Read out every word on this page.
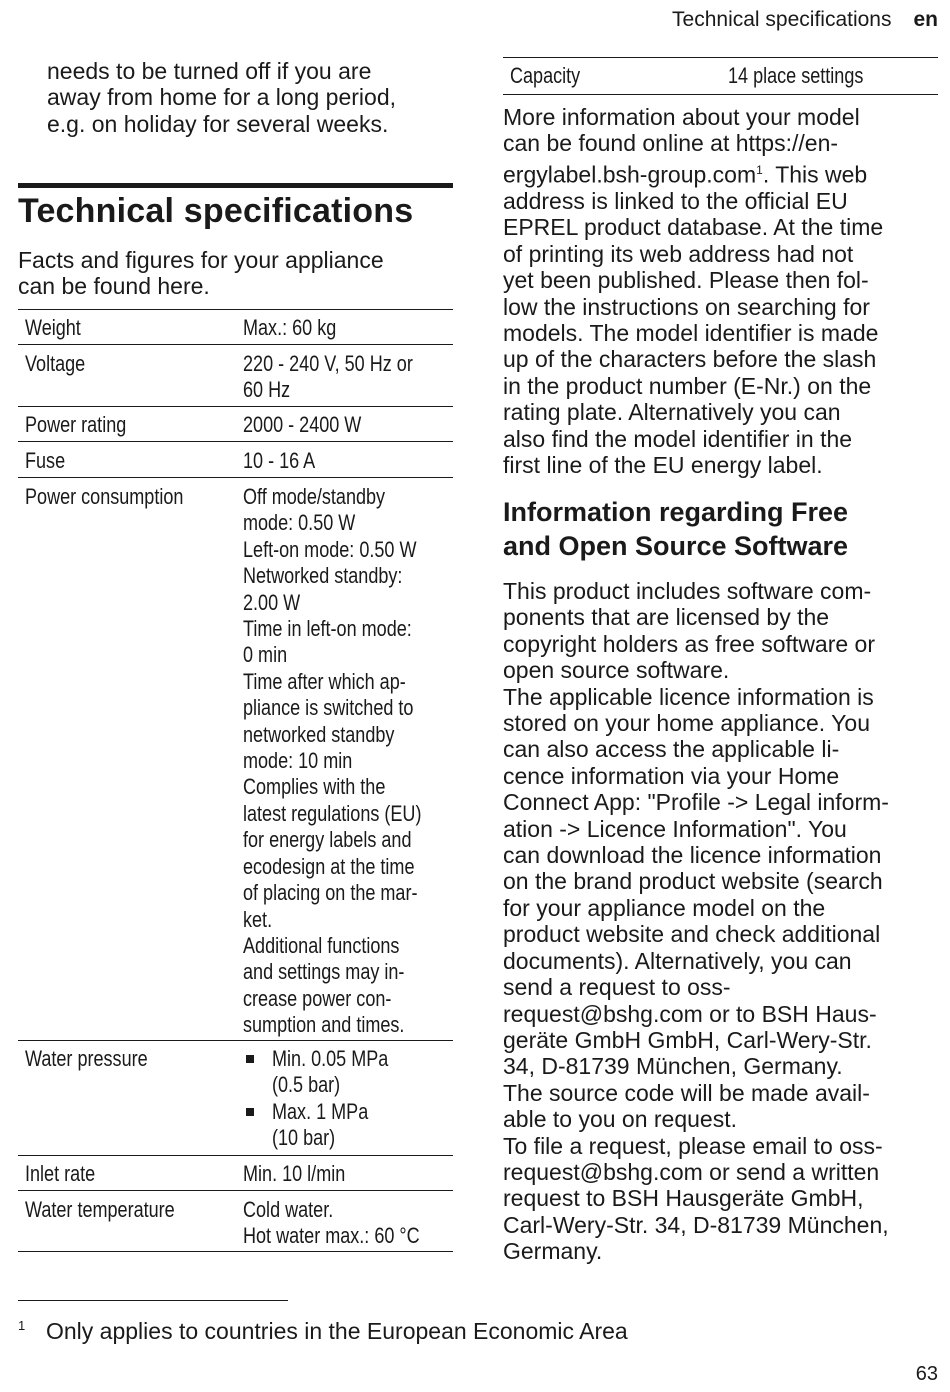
Technical specifications en
needs to be turned off if you are
away from home for a long period,
e.g. on holiday for several weeks.
Technical specifications
Facts and figures for your appliance
can be found here.
Weight	Max.: 60 kg
Voltage	220 - 240 V, 50 Hz or
60 Hz
Power rating	2000 - 2400 W
Fuse	10 - 16 A
Power consumption	Off mode/standby
mode: 0.50 W
Left-on mode: 0.50 W
Networked standby:
2.00 W
Time in left-on mode:
0 min
Time after which ap-
pliance is switched to
networked standby
mode: 10 min
Complies with the
latest regulations (EU)
for energy labels and
ecodesign at the time
of placing on the mar-
ket.
Additional functions
and settings may in-
crease power con-
sumption and times.
Water pressure	Min. 0.05 MPa
(0.5 bar)
Max. 1 MPa
(10 bar)
Inlet rate	Min. 10 l/min
Water temperature	Cold water.
Hot water max.: 60 °C
Capacity	14 place settings
More information about your model
can be found online at https://en-
ergylabel.bsh-group.com$^1$. This web
address is linked to the official EU
EPREL product database. At the time
of printing its web address had not
yet been published. Please then fol-
low the instructions on searching for
models. The model identifier is made
up of the characters before the slash
in the product number (E-Nr.) on the
rating plate. Alternatively you can
also find the model identifier in the
first line of the EU energy label.
Information regarding Free
and Open Source Software
This product includes software com-
ponents that are licensed by the
copyright holders as free software or
open source software.
The applicable licence information is
stored on your home appliance. You
can also access the applicable li-
cence information via your Home
Connect App: "Profile -> Legal inform-
ation -> Licence Information". You
can download the licence information
on the brand product website (search
for your appliance model on the
product website and check additional
documents). Alternatively, you can
send a request to oss-
request@bshg.com or to BSH Haus-
geräte GmbH GmbH, Carl-Wery-Str.
34, D-81739 München, Germany.
The source code will be made avail-
able to you on request.
To file a request, please email to oss-
request@bshg.com or send a written
request to BSH Hausgeräte GmbH,
Carl-Wery-Str. 34, D-81739 München,
Germany.
1 Only applies to countries in the European Economic Area
63
